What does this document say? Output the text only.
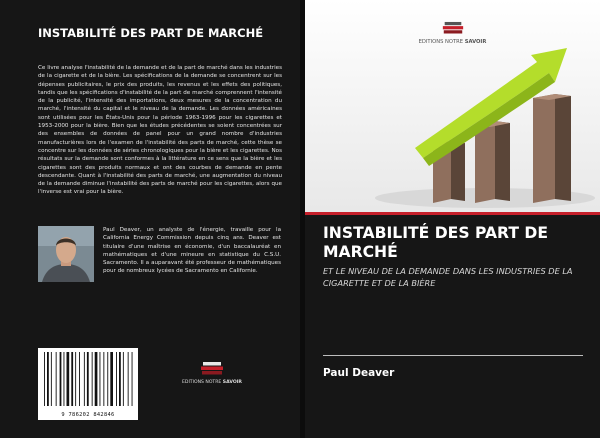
INSTABILITÉ DES PART DE MARCHÉ

Ce livre analyse l'instabilité de la demande et de la part de marché dans les industries de la cigarette et de la bière. Les spécifications de la demande se concentrent sur les dépenses publicitaires, le prix des produits, les revenus et les effets des politiques, tandis que les spécifications d'instabilité de la part de marché comprennent l'intensité de la publicité, l'intensité des importations, deux mesures de la concentration du marché, l'intensité du capital et le niveau de la demande. Les données américaines sont utilisées pour les États-Unis pour la période 1963-1996 pour les cigarettes et 1953-2000 pour la bière. Bien que les études précédentes se soient concentrées sur des ensembles de données de panel pour un grand nombre d'industries manufacturières lors de l'examen de l'instabilité des parts de marché, cette thèse se concentre sur les données de séries chronologiques pour la bière et les cigarettes. Nos résultats sur la demande sont conformes à la littérature en ce sens que la bière et les cigarettes sont des produits normaux et ont des courbes de demande en pente descendante. Quant à l'instabilité des parts de marché, une augmentation du niveau de la demande diminue l'instabilité des parts de marché pour les cigarettes, alors que l'inverse est vrai pour la bière.

Paul Deaver, un analyste de l'énergie, travaille pour la California Energy Commission depuis cinq ans. Deaver est titulaire d'une maîtrise en économie, d'un baccalauréat en mathématiques et d'une mineure en statistique du C.S.U. Sacramento. Il a auparavant été professeur de mathématiques pour de nombreux lycées de Sacramento en Californie.

9 786202 842846
EDITIONS NOTRE SAVOIR
EDITIONS NOTRE SAVOIR
INSTABILITÉ DES PART DE MARCHÉ
ET LE NIVEAU DE LA DEMANDE DANS LES INDUSTRIES DE LA CIGARETTE ET DE LA BIÈRE
Paul Deaver
